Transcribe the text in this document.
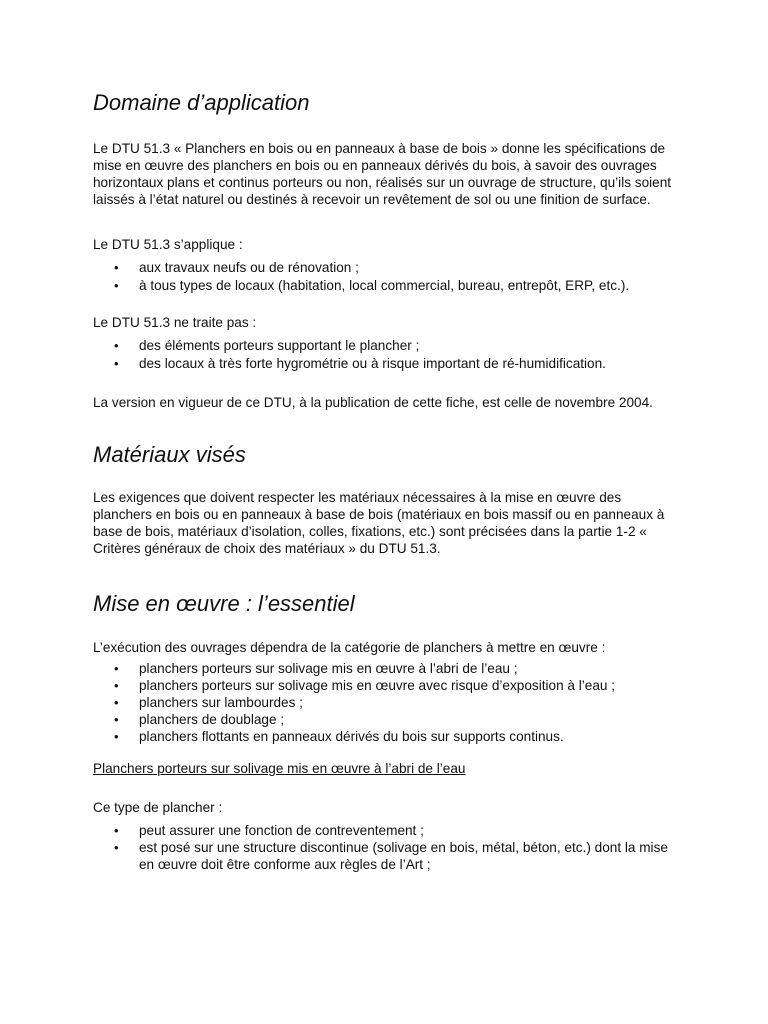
Domaine d’application

Le DTU 51.3 « Planchers en bois ou en panneaux à base de bois » donne les spécifications de mise en œuvre des planchers en bois ou en panneaux dérivés du bois, à savoir des ouvrages horizontaux plans et continus porteurs ou non, réalisés sur un ouvrage de structure, qu’ils soient laissés à l’état naturel ou destinés à recevoir un revêtement de sol ou une finition de surface.

Le DTU 51.3 s’applique :

• aux travaux neufs ou de rénovation ;
• à tous types de locaux (habitation, local commercial, bureau, entrepôt, ERP, etc.).

Le DTU 51.3 ne traite pas :

• des éléments porteurs supportant le plancher ;
• des locaux à très forte hygrométrie ou à risque important de ré-humidification.

La version en vigueur de ce DTU, à la publication de cette fiche, est celle de novembre 2004.

Matériaux visés

Les exigences que doivent respecter les matériaux nécessaires à la mise en œuvre des planchers en bois ou en panneaux à base de bois (matériaux en bois massif ou en panneaux à base de bois, matériaux d’isolation, colles, fixations, etc.) sont précisées dans la partie 1-2 « Critères généraux de choix des matériaux » du DTU 51.3.

Mise en œuvre : l’essentiel

L’exécution des ouvrages dépendra de la catégorie de planchers à mettre en œuvre :

• planchers porteurs sur solivage mis en œuvre à l’abri de l’eau ;
• planchers porteurs sur solivage mis en œuvre avec risque d’exposition à l’eau ;
• planchers sur lambourdes ;
• planchers de doublage ;
• planchers flottants en panneaux dérivés du bois sur supports continus.

Planchers porteurs sur solivage mis en œuvre à l’abri de l’eau

Ce type de plancher :

• peut assurer une fonction de contreventement ;
• est posé sur une structure discontinue (solivage en bois, métal, béton, etc.) dont la mise en œuvre doit être conforme aux règles de l’Art ;
